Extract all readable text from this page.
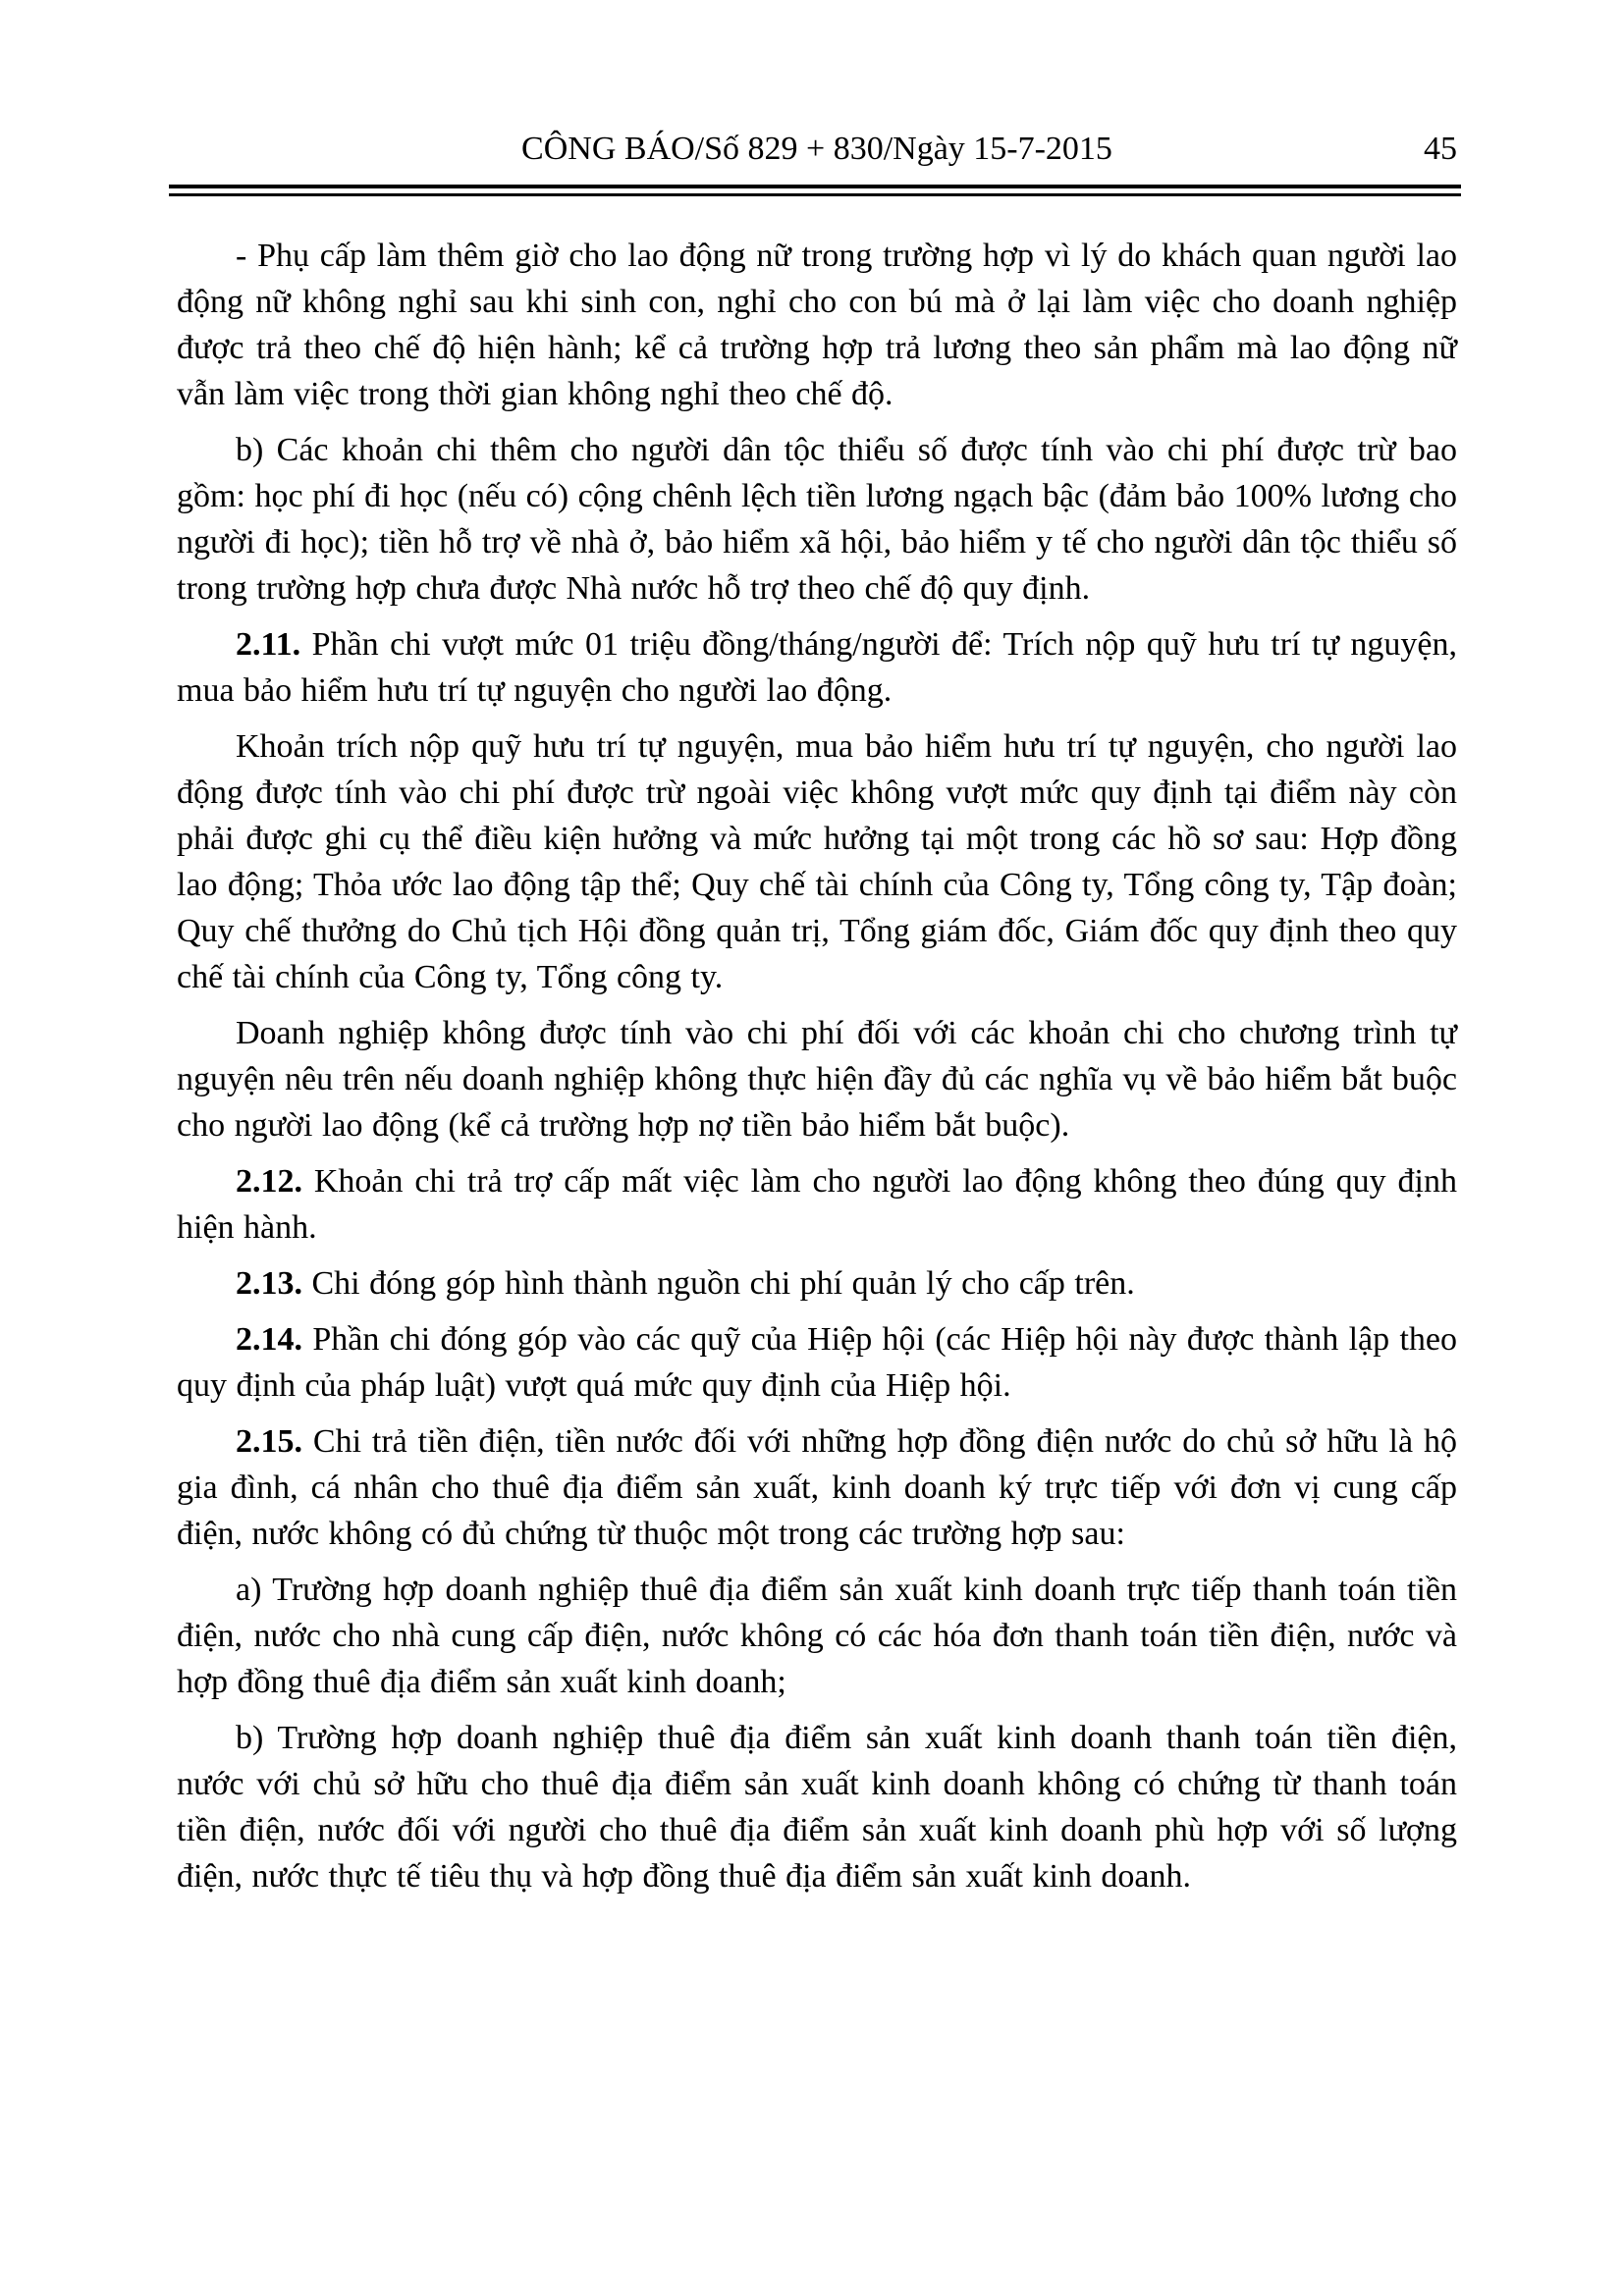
CÔNG BÁO/Số 829 + 830/Ngày 15-7-2015	45

- Phụ cấp làm thêm giờ cho lao động nữ trong trường hợp vì lý do khách quan người lao động nữ không nghỉ sau khi sinh con, nghỉ cho con bú mà ở lại làm việc cho doanh nghiệp được trả theo chế độ hiện hành; kể cả trường hợp trả lương theo sản phẩm mà lao động nữ vẫn làm việc trong thời gian không nghỉ theo chế độ.

b) Các khoản chi thêm cho người dân tộc thiểu số được tính vào chi phí được trừ bao gồm: học phí đi học (nếu có) cộng chênh lệch tiền lương ngạch bậc (đảm bảo 100% lương cho người đi học); tiền hỗ trợ về nhà ở, bảo hiểm xã hội, bảo hiểm y tế cho người dân tộc thiểu số trong trường hợp chưa được Nhà nước hỗ trợ theo chế độ quy định.

2.11. Phần chi vượt mức 01 triệu đồng/tháng/người để: Trích nộp quỹ hưu trí tự nguyện, mua bảo hiểm hưu trí tự nguyện cho người lao động.

Khoản trích nộp quỹ hưu trí tự nguyện, mua bảo hiểm hưu trí tự nguyện, cho người lao động được tính vào chi phí được trừ ngoài việc không vượt mức quy định tại điểm này còn phải được ghi cụ thể điều kiện hưởng và mức hưởng tại một trong các hồ sơ sau: Hợp đồng lao động; Thỏa ước lao động tập thể; Quy chế tài chính của Công ty, Tổng công ty, Tập đoàn; Quy chế thưởng do Chủ tịch Hội đồng quản trị, Tổng giám đốc, Giám đốc quy định theo quy chế tài chính của Công ty, Tổng công ty.

Doanh nghiệp không được tính vào chi phí đối với các khoản chi cho chương trình tự nguyện nêu trên nếu doanh nghiệp không thực hiện đầy đủ các nghĩa vụ về bảo hiểm bắt buộc cho người lao động (kể cả trường hợp nợ tiền bảo hiểm bắt buộc).

2.12. Khoản chi trả trợ cấp mất việc làm cho người lao động không theo đúng quy định hiện hành.

2.13. Chi đóng góp hình thành nguồn chi phí quản lý cho cấp trên.

2.14. Phần chi đóng góp vào các quỹ của Hiệp hội (các Hiệp hội này được thành lập theo quy định của pháp luật) vượt quá mức quy định của Hiệp hội.

2.15. Chi trả tiền điện, tiền nước đối với những hợp đồng điện nước do chủ sở hữu là hộ gia đình, cá nhân cho thuê địa điểm sản xuất, kinh doanh ký trực tiếp với đơn vị cung cấp điện, nước không có đủ chứng từ thuộc một trong các trường hợp sau:

a) Trường hợp doanh nghiệp thuê địa điểm sản xuất kinh doanh trực tiếp thanh toán tiền điện, nước cho nhà cung cấp điện, nước không có các hóa đơn thanh toán tiền điện, nước và hợp đồng thuê địa điểm sản xuất kinh doanh;

b) Trường hợp doanh nghiệp thuê địa điểm sản xuất kinh doanh thanh toán tiền điện, nước với chủ sở hữu cho thuê địa điểm sản xuất kinh doanh không có chứng từ thanh toán tiền điện, nước đối với người cho thuê địa điểm sản xuất kinh doanh phù hợp với số lượng điện, nước thực tế tiêu thụ và hợp đồng thuê địa điểm sản xuất kinh doanh.
